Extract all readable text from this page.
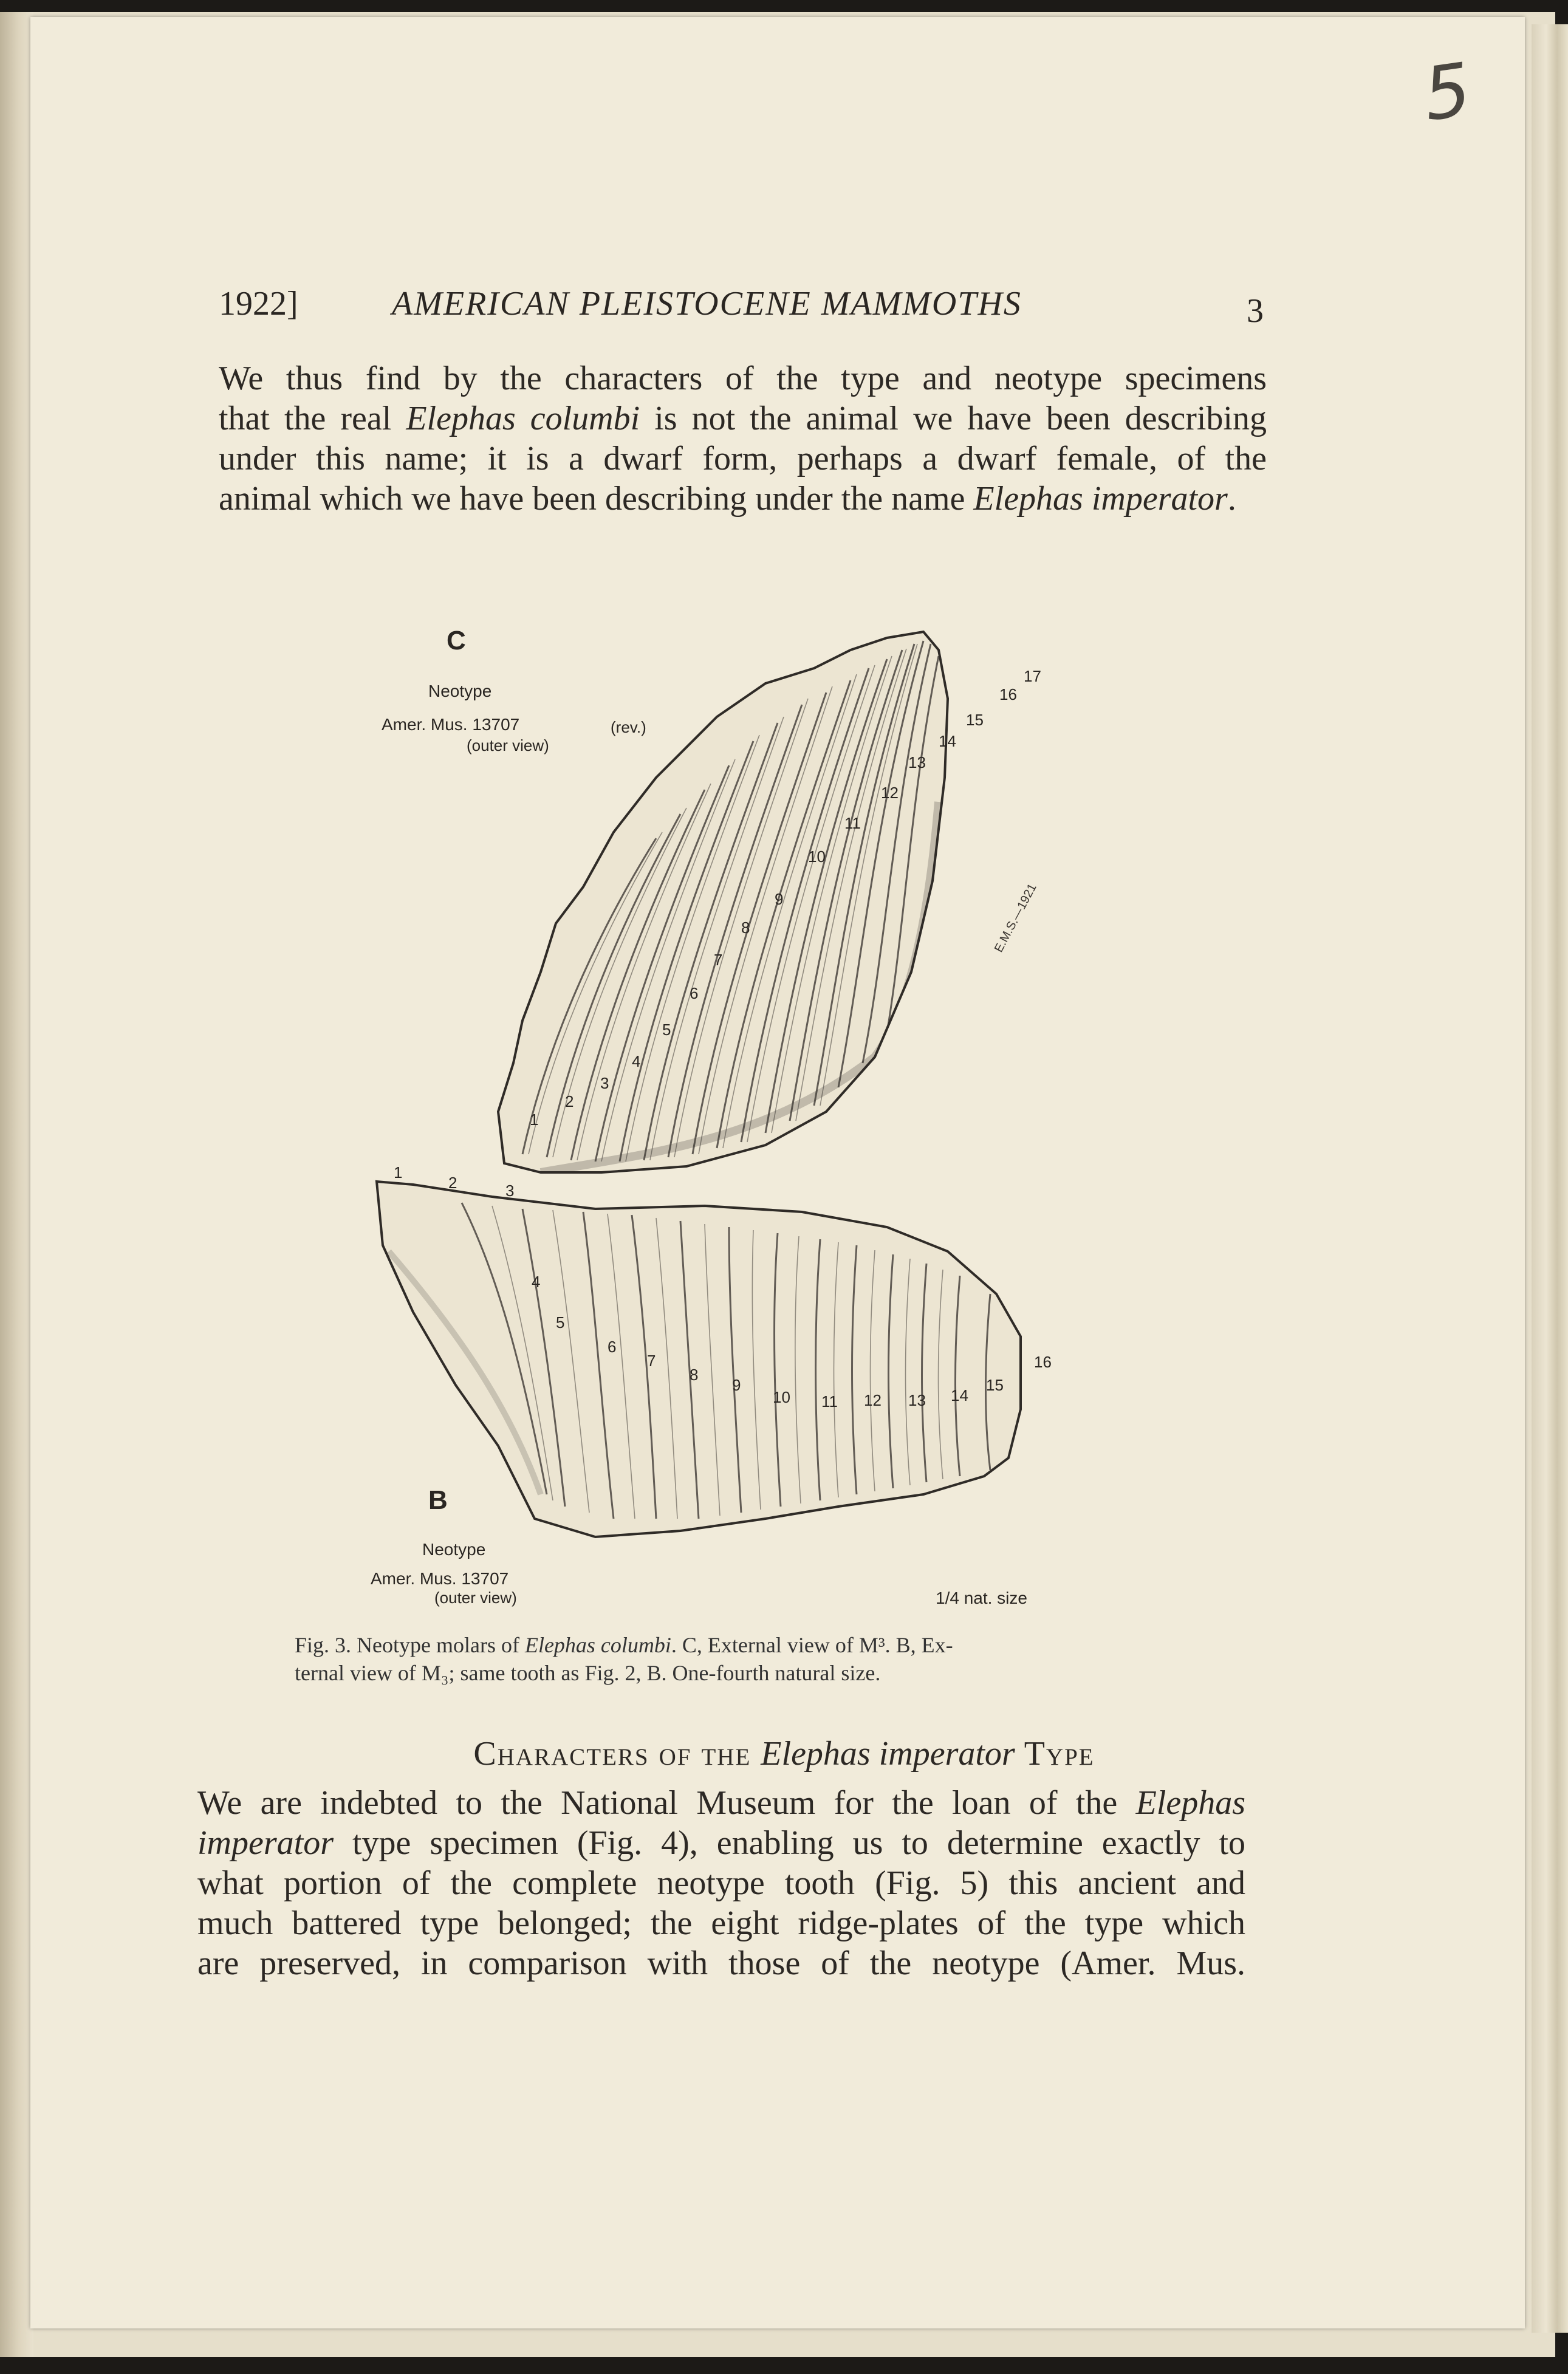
5
1922]	AMERICAN PLEISTOCENE MAMMOTHS	3
We thus find by the characters of the type and neotype specimens
that the real Elephas columbi is not the animal we have been describing
under this name; it is a dwarf form, perhaps a dwarf female, of the
animal which we have been describing under the name Elephas imperator.
C
Neotype
Amer. Mus. 13707	(rev.)
(outer view)
1
2
3
4
5
6
7
8
9
10
11
12
13
14
15
16
17
E.M.S.—1921
1
2	3
4
5
6
7
8
9
10 11 12 13 14
15
16
B
Neotype
Amer. Mus. 13707
(outer view)	1/4 nat. size
Fig. 3. Neotype molars of Elephas columbi. C, External view of M³. B, Ex-
ternal view of M₃; same tooth as Fig. 2, B. One-fourth natural size.
Characters of the Elephas imperator Type
We are indebted to the National Museum for the loan of the Elephas
imperator type specimen (Fig. 4), enabling us to determine exactly to
what portion of the complete neotype tooth (Fig. 5) this ancient and
much battered type belonged; the eight ridge-plates of the type which
are preserved, in comparison with those of the neotype (Amer. Mus.
